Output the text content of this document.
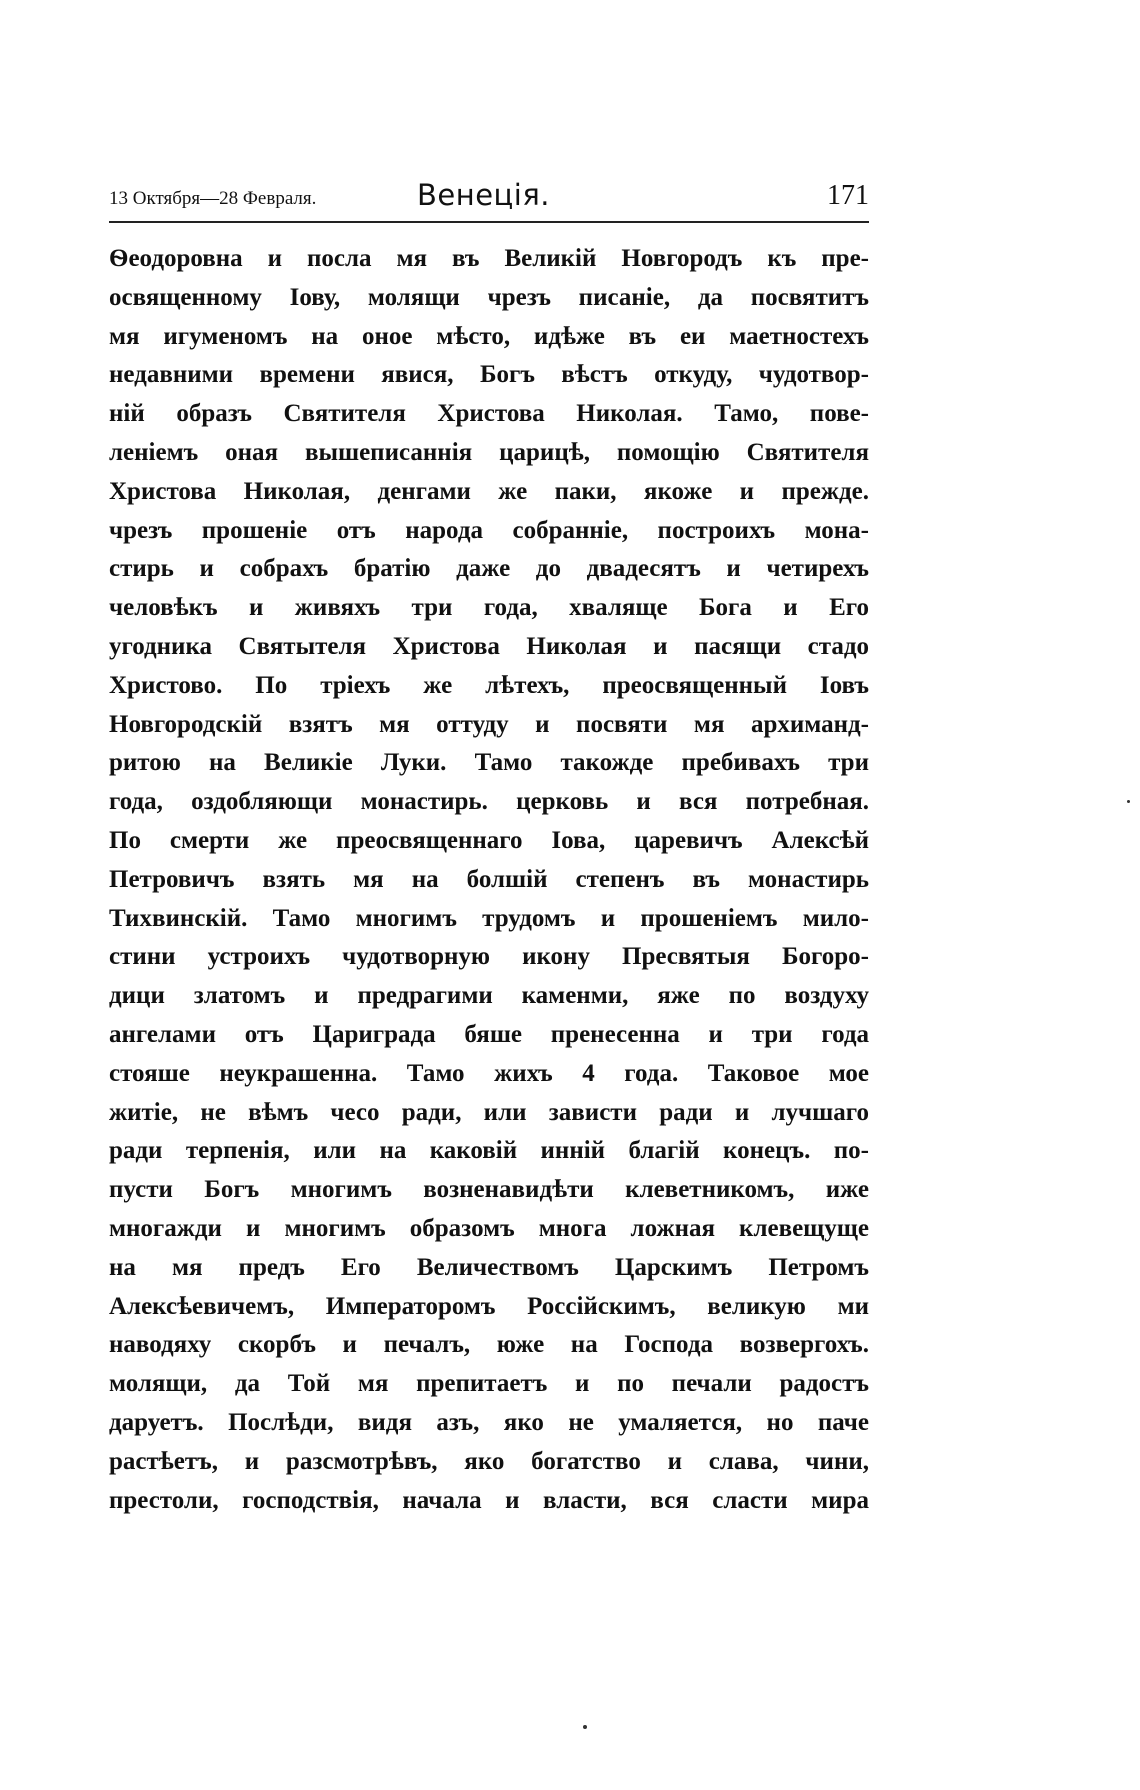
13 Октября—28 Февраля.	Венеція.	171
Ѳеодоровна и посла мя въ Великій Новгородъ къ пре-
освященному Іову, молящи чрезъ писаніе, да посвятитъ
мя игуменомъ на оное мѣсто, идѣже въ еи маетностехъ
недавними времени явися, Богъ вѣстъ откуду, чудотвор-
ній образъ Святителя Христова Николая. Тамо, пове-
леніемъ оная вышеписаннія царицѣ, помощію Святителя
Христова Николая, денгами же паки, якоже и прежде.
чрезъ прошеніе отъ народа собранніе, построихъ мона-
стирь и собрахъ братію даже до двадесятъ и четирехъ
человѣкъ и живяхъ три года, хваляще Бога и Его
угодника Святытеля Христова Николая и пасящи стадо
Христово. По тріехъ же лѣтехъ, преосвященный Іовъ
Новгородскій взятъ мя оттуду и посвяти мя архиманд-
ритою на Великіе Луки. Тамо такожде пребивахъ три
года, оздобляющи монастирь. церковь и вся потребная.
По смерти же преосвященнаго Іова, царевичъ Алексѣй
Петровичъ взять мя на болшій степенъ въ монастирь
Тихвинскій. Тамо многимъ трудомъ и прошеніемъ мило-
стини устроихъ чудотворную икону Пресвятыя Богоро-
дици златомъ и предрагими каменми, яже по воздуху
ангелами отъ Цариграда бяше пренесенна и три года
стояше неукрашенна. Тамо жихъ 4 года. Таковое мое
житіе, не вѣмъ чесо ради, или зависти ради и лучшаго
ради терпенія, или на каковій инній благій конецъ. по-
пусти Богъ многимъ возненавидѣти клеветникомъ, иже
многажди и многимъ образомъ многа ложная клевещуще
на мя предъ Его Величествомъ Царскимъ Петромъ
Алексѣевичемъ, Императоромъ Россійскимъ, великую ми
наводяху скорбъ и печалъ, юже на Господа возвергохъ.
молящи, да Той мя препитаетъ и по печали радостъ
даруетъ. Послѣди, видя азъ, яко не умаляется, но паче
растѣетъ, и разсмотрѣвъ, яко богатство и слава, чини,
престоли, господствія, начала и власти, вся сласти мира
